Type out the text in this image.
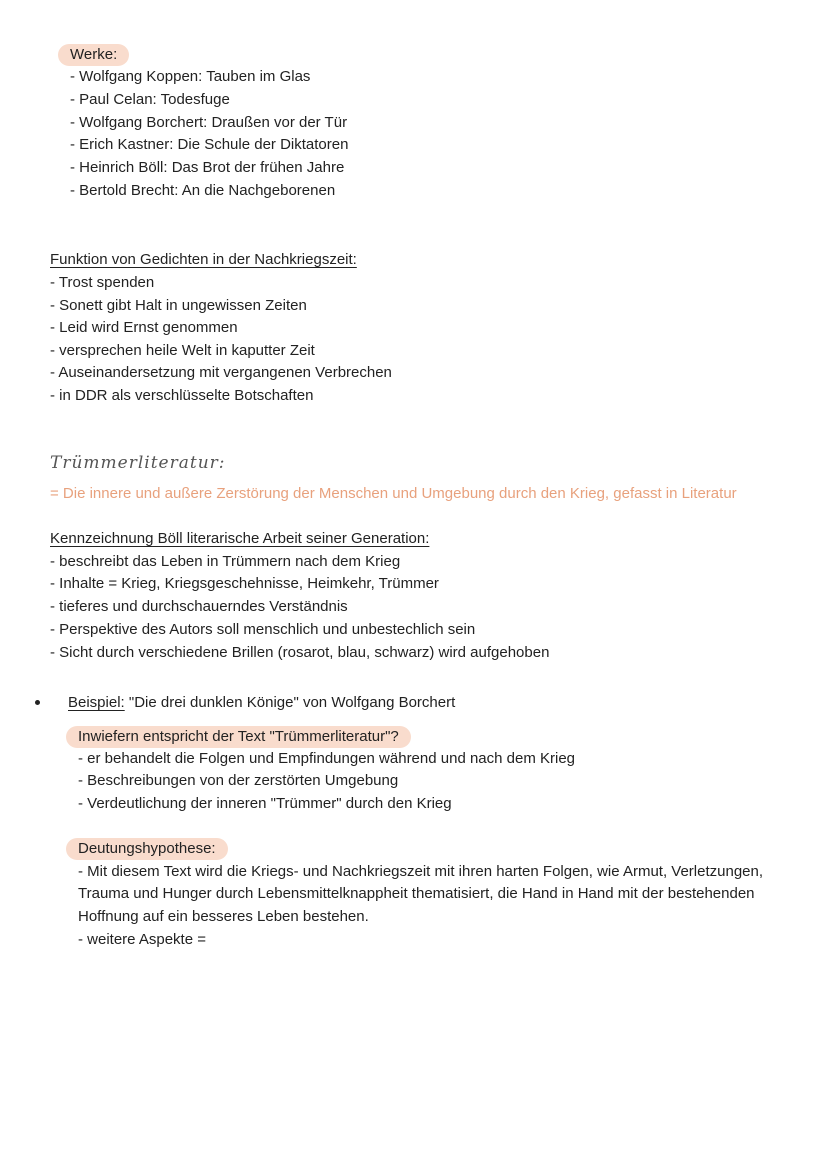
Werke:
- Wolfgang Koppen: Tauben im Glas
- Paul Celan: Todesfuge
- Wolfgang Borchert: Draußen vor der Tür
- Erich Kastner: Die Schule der Diktatoren
- Heinrich Böll: Das Brot der frühen Jahre
- Bertold Brecht: An die Nachgeborenen
Funktion von Gedichten in der Nachkriegszeit:
- Trost spenden
- Sonett gibt Halt in ungewissen Zeiten
- Leid wird Ernst genommen
- versprechen heile Welt in kaputter Zeit
- Auseinandersetzung mit vergangenen Verbrechen
- in DDR als verschlüsselte Botschaften
Trümmerliteratur:
= Die innere und außere Zerstörung der Menschen und Umgebung durch den Krieg, gefasst in Literatur
Kennzeichnung Böll literarische Arbeit seiner Generation:
- beschreibt das Leben in Trümmern nach dem Krieg
- Inhalte = Krieg, Kriegsgeschehnisse, Heimkehr, Trümmer
- tieferes und durchschauerndes Verständnis
- Perspektive des Autors soll menschlich und unbestechlich sein
- Sicht durch verschiedene Brillen (rosarot, blau, schwarz) wird aufgehoben
Beispiel: "Die drei dunklen Könige" von Wolfgang Borchert
Inwiefern entspricht der Text "Trümmerliteratur"?
- er behandelt die Folgen und Empfindungen während und nach dem Krieg
- Beschreibungen von der zerstörten Umgebung
- Verdeutlichung der inneren "Trümmer" durch den Krieg
Deutungshypothese:
- Mit diesem Text wird die Kriegs- und Nachkriegszeit mit ihren harten Folgen, wie Armut, Verletzungen,
Trauma und Hunger durch Lebensmittelknappheit thematisiert, die Hand in Hand mit der bestehenden
Hoffnung auf ein besseres Leben bestehen.
- weitere Aspekte =
